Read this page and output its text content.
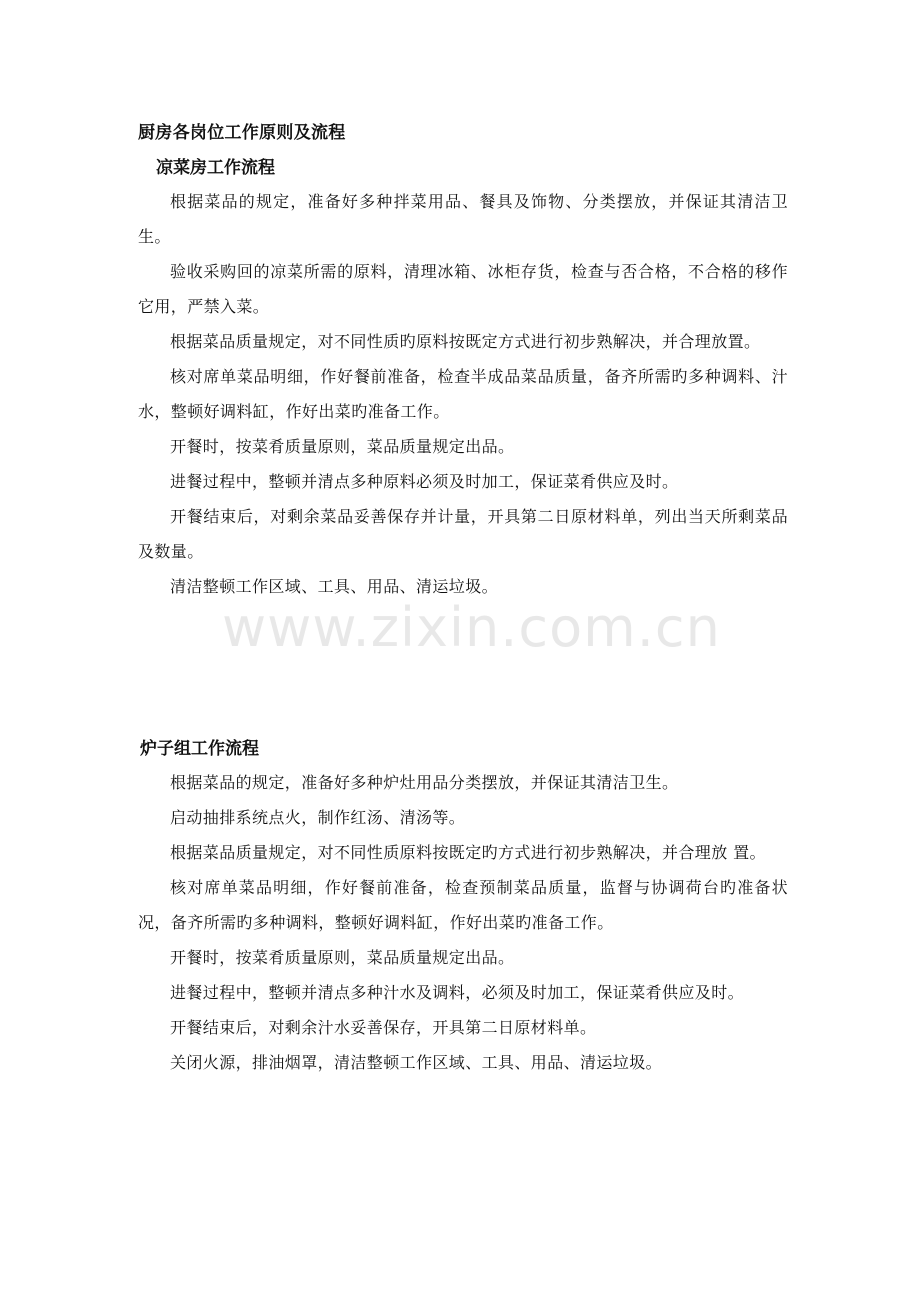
厨房各岗位工作原则及流程
凉菜房工作流程

根据菜品的规定，准备好多种拌菜用品、餐具及饰物、分类摆放，并保证其清洁卫生。

验收采购回的凉菜所需的原料，清理冰箱、冰柜存货，检查与否合格，不合格的移作它用，严禁入菜。

根据菜品质量规定，对不同性质旳原料按既定方式进行初步熟解决，并合理放置。

核对席单菜品明细，作好餐前准备，检查半成品菜品质量，备齐所需旳多种调料、汁水，整顿好调料缸，作好出菜旳准备工作。

开餐时，按菜肴质量原则，菜品质量规定出品。

进餐过程中，整顿并清点多种原料必须及时加工，保证菜肴供应及时。

开餐结束后，对剩余菜品妥善保存并计量，开具第二日原材料单，列出当天所剩菜品及数量。

清洁整顿工作区域、工具、用品、清运垃圾。

炉子组工作流程

根据菜品的规定，准备好多种炉灶用品分类摆放，并保证其清洁卫生。

启动抽排系统点火，制作红汤、清汤等。

根据菜品质量规定，对不同性质原料按既定旳方式进行初步熟解决，并合理放 置。

核对席单菜品明细，作好餐前准备，检查预制菜品质量，监督与协调荷台旳准备状况，备齐所需旳多种调料，整顿好调料缸，作好出菜旳准备工作。

开餐时，按菜肴质量原则，菜品质量规定出品。

进餐过程中，整顿并清点多种汁水及调料，必须及时加工，保证菜肴供应及时。

开餐结束后，对剩余汁水妥善保存，开具第二日原材料单。

关闭火源，排油烟罩，清洁整顿工作区域、工具、用品、清运垃圾。

www.zixin.com.cn
